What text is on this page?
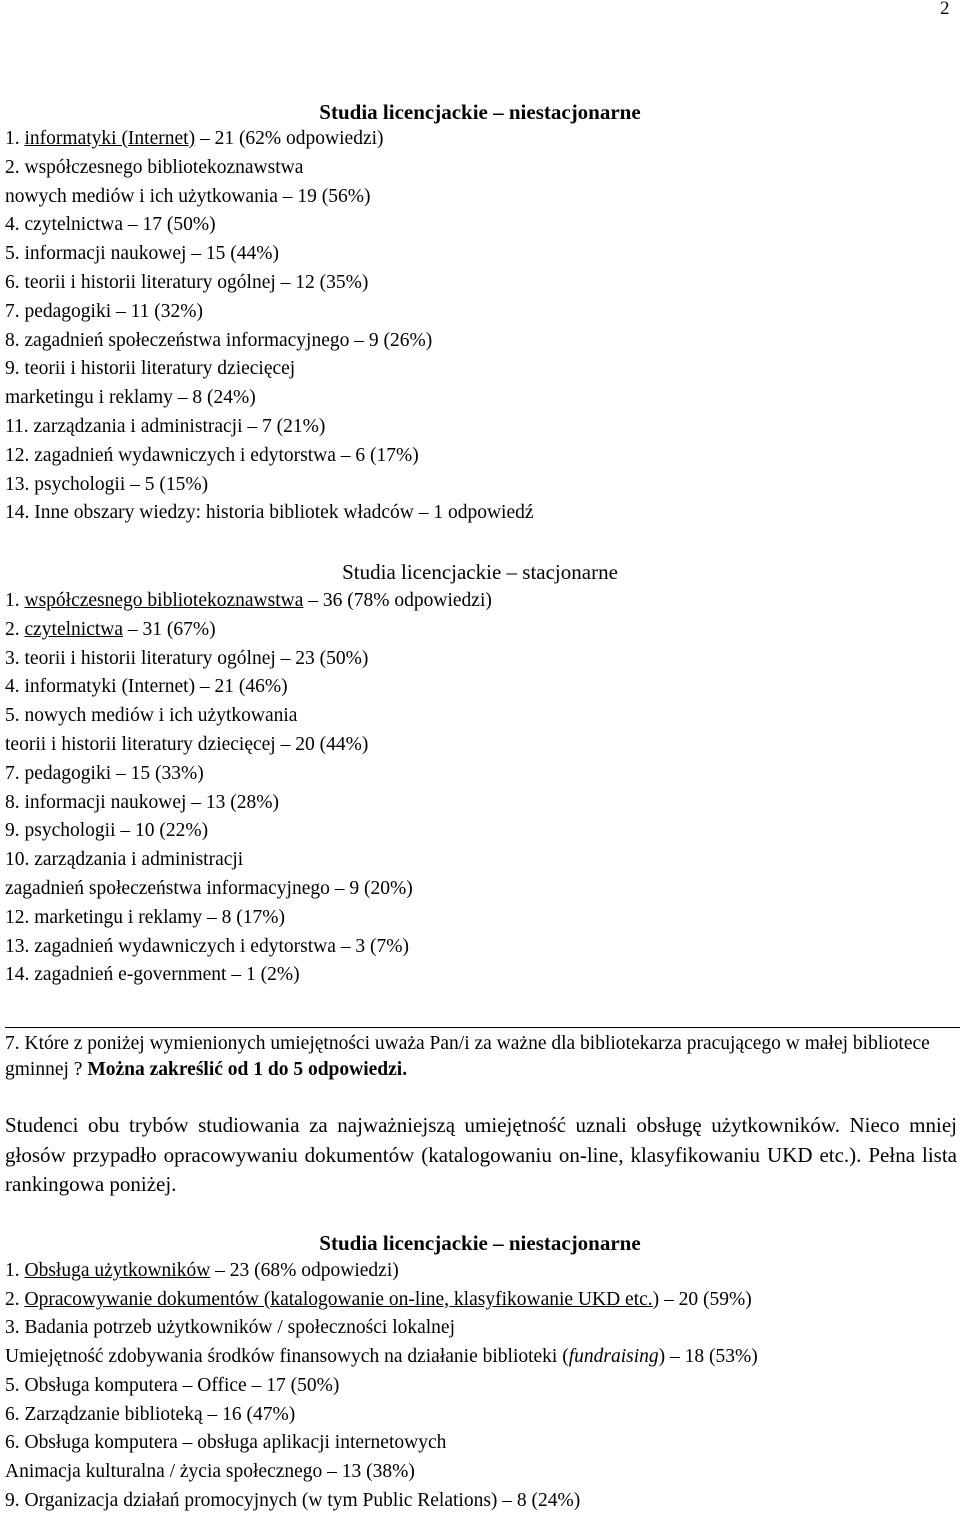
2
Studia licencjackie – niestacjonarne
1. informatyki (Internet) – 21 (62% odpowiedzi)
2. współczesnego bibliotekoznawstwa
nowych mediów i ich użytkowania – 19 (56%)
4. czytelnictwa – 17 (50%)
5. informacji naukowej – 15 (44%)
6. teorii i historii literatury ogólnej – 12 (35%)
7. pedagogiki – 11 (32%)
8. zagadnień społeczeństwa informacyjnego – 9 (26%)
9. teorii i historii literatury dziecięcej
marketingu i reklamy – 8 (24%)
11. zarządzania i administracji – 7 (21%)
12. zagadnień wydawniczych i edytorstwa – 6 (17%)
13. psychologii – 5 (15%)
14. Inne obszary wiedzy: historia bibliotek władców – 1 odpowiedź
Studia licencjackie – stacjonarne
1. współczesnego bibliotekoznawstwa – 36 (78% odpowiedzi)
2. czytelnictwa – 31 (67%)
3. teorii i historii literatury ogólnej – 23 (50%)
4. informatyki (Internet) – 21 (46%)
5. nowych mediów i ich użytkowania
teorii i historii literatury dziecięcej – 20 (44%)
7. pedagogiki – 15 (33%)
8. informacji naukowej – 13 (28%)
9. psychologii – 10 (22%)
10. zarządzania i administracji
zagadnień społeczeństwa informacyjnego – 9 (20%)
12. marketingu i reklamy – 8 (17%)
13. zagadnień wydawniczych i edytorstwa – 3 (7%)
14. zagadnień e-government – 1 (2%)
7. Które z poniżej wymienionych umiejętności uważa Pan/i za ważne dla bibliotekarza pracującego w małej bibliotece gminnej ? Można zakreślić od 1 do 5 odpowiedzi.
Studenci obu trybów studiowania za najważniejszą umiejętność uznali obsługę użytkowników. Nieco mniej głosów przypadło opracowywaniu dokumentów (katalogowaniu on-line, klasyfikowaniu UKD etc.). Pełna lista rankingowa poniżej.
Studia licencjackie – niestacjonarne
1. Obsługa użytkowników – 23 (68% odpowiedzi)
2. Opracowywanie dokumentów (katalogowanie on-line, klasyfikowanie UKD etc.) – 20 (59%)
3. Badania potrzeb użytkowników / społeczności lokalnej
Umiejętność zdobywania środków finansowych na działanie biblioteki (fundraising) – 18 (53%)
5. Obsługa komputera – Office – 17 (50%)
6. Zarządzanie biblioteką – 16 (47%)
6. Obsługa komputera – obsługa aplikacji internetowych
Animacja kulturalna / życia społecznego – 13 (38%)
9. Organizacja działań promocyjnych (w tym Public Relations) – 8 (24%)
